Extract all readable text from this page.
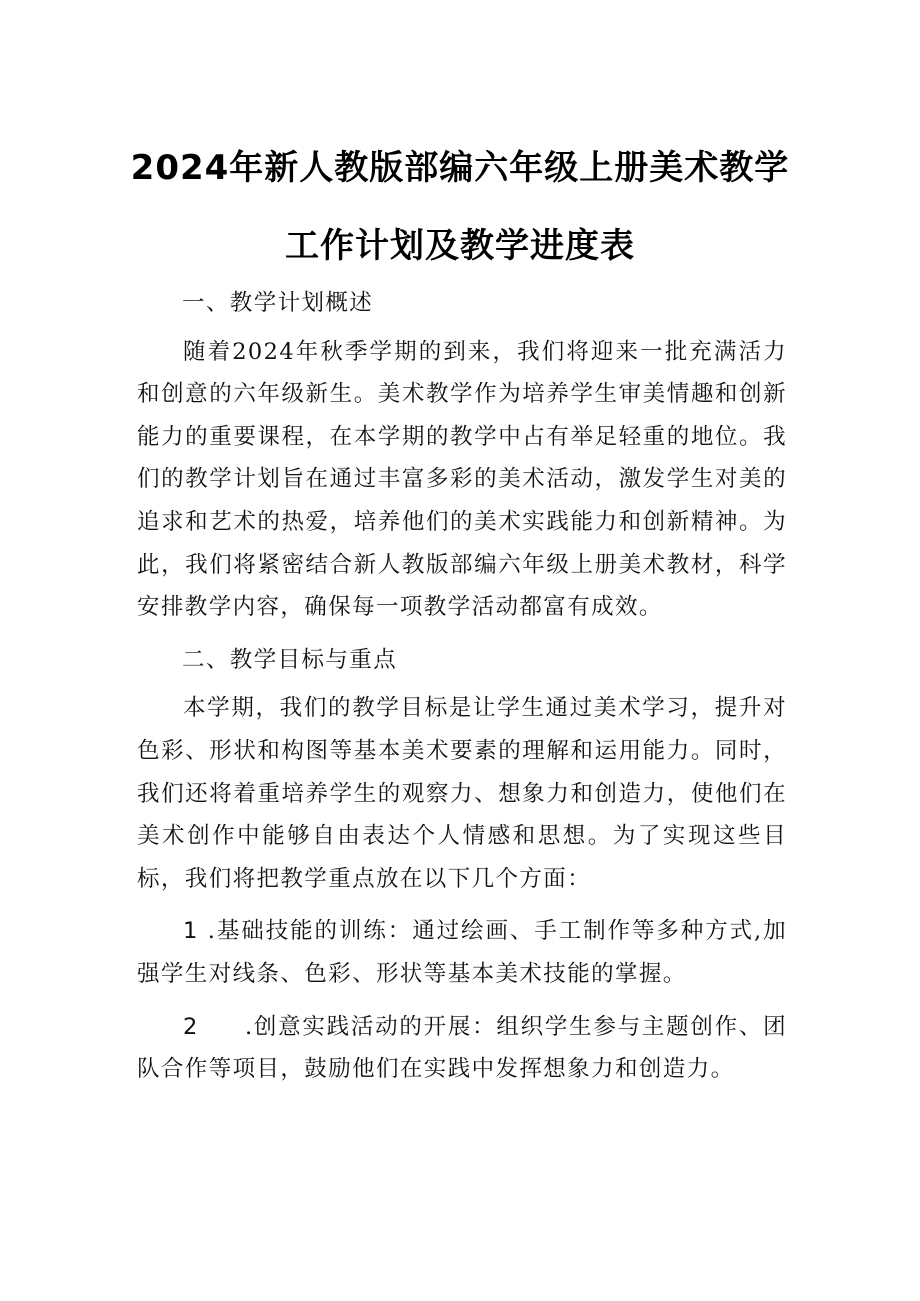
2024年新人教版部编六年级上册美术教学
工作计划及教学进度表

一、教学计划概述

随着2024年秋季学期的到来，我们将迎来一批充满活力和创意的六年级新生。美术教学作为培养学生审美情趣和创新能力的重要课程，在本学期的教学中占有举足轻重的地位。我们的教学计划旨在通过丰富多彩的美术活动，激发学生对美的追求和艺术的热爱，培养他们的美术实践能力和创新精神。为此，我们将紧密结合新人教版部编六年级上册美术教材，科学安排教学内容，确保每一项教学活动都富有成效。

二、教学目标与重点

本学期，我们的教学目标是让学生通过美术学习，提升对色彩、形状和构图等基本美术要素的理解和运用能力。同时，我们还将着重培养学生的观察力、想象力和创造力，使他们在美术创作中能够自由表达个人情感和思想。为了实现这些目标，我们将把教学重点放在以下几个方面：

1 .基础技能的训练：通过绘画、手工制作等多种方式,加强学生对线条、色彩、形状等基本美术技能的掌握。

2 .创意实践活动的开展：组织学生参与主题创作、团队合作等项目，鼓励他们在实践中发挥想象力和创造力。
